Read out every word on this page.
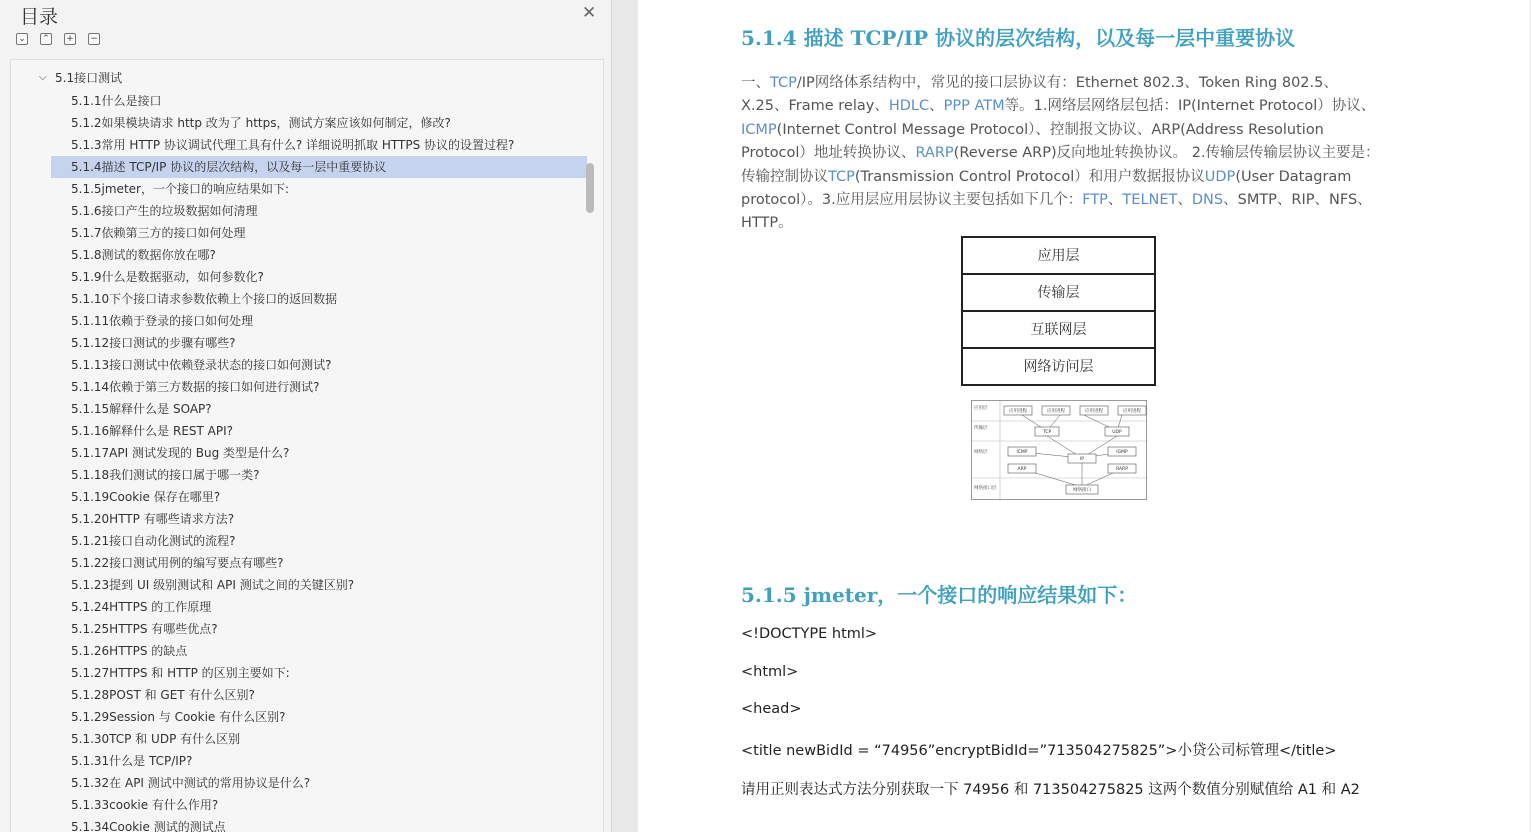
目录	✕
⌄ ⌃ + −
⌵ 5.1接口测试
5.1.1什么是接口
5.1.2如果模块请求 http 改为了 https，测试方案应该如何制定，修改?
5.1.3常用 HTTP 协议调试代理工具有什么? 详细说明抓取 HTTPS 协议的设置过程?
5.1.4描述 TCP/IP 协议的层次结构，以及每一层中重要协议
5.1.5jmeter，一个接口的响应结果如下:
5.1.6接口产生的垃圾数据如何清理
5.1.7依赖第三方的接口如何处理
5.1.8测试的数据你放在哪?
5.1.9什么是数据驱动，如何参数化?
5.1.10下个接口请求参数依赖上个接口的返回数据
5.1.11依赖于登录的接口如何处理
5.1.12接口测试的步骤有哪些?
5.1.13接口测试中依赖登录状态的接口如何测试?
5.1.14依赖于第三方数据的接口如何进行测试?
5.1.15解释什么是 SOAP?
5.1.16解释什么是 REST API?
5.1.17API 测试发现的 Bug 类型是什么?
5.1.18我们测试的接口属于哪一类?
5.1.19Cookie 保存在哪里?
5.1.20HTTP 有哪些请求方法?
5.1.21接口自动化测试的流程?
5.1.22接口测试用例的编写要点有哪些?
5.1.23提到 UI 级别测试和 API 测试之间的关键区别?
5.1.24HTTPS 的工作原理
5.1.25HTTPS 有哪些优点?
5.1.26HTTPS 的缺点
5.1.27HTTPS 和 HTTP 的区别主要如下:
5.1.28POST 和 GET 有什么区别?
5.1.29Session 与 Cookie 有什么区别?
5.1.30TCP 和 UDP 有什么区别
5.1.31什么是 TCP/IP?
5.1.32在 API 测试中测试的常用协议是什么?
5.1.33cookie 有什么作用?
5.1.34Cookie 测试的测试点
5.1.4 描述 TCP/IP 协议的层次结构，以及每一层中重要协议
一、TCP/IP网络体系结构中，常见的接口层协议有：Ethernet 802.3、Token Ring 802.5、X.25、Frame relay、HDLC、PPP ATM等。1.网络层网络层包括：IP(Internet Protocol）协议、ICMP(Internet Control Message Protocol）、控制报文协议、ARP(Address Resolution Protocol）地址转换协议、RARP(Reverse ARP)反向地址转换协议。 2.传输层传输层协议主要是：传输控制协议TCP(Transmission Control Protocol）和用户数据报协议UDP(User Datagram protocol）。3.应用层应用层协议主要包括如下几个：FTP、TELNET、DNS、SMTP、RIP、NFS、HTTP。
应用层
传输层
互联网层
网络访问层
应用层
传输层
网络层
网络接口层
应用进程	应用进程	应用进程	应用进程
TCP	UDP
ICMP	IGMP
IP
ARP	RARP
网络接口
5.1.5 jmeter，一个接口的响应结果如下：
<!DOCTYPE html>
<html>
<head>
<title newBidId = “74956”encryptBidId=”713504275825”>小贷公司标管理</title>
请用正则表达式方法分别获取一下 74956 和 713504275825 这两个数值分别赋值给 A1 和 A2
